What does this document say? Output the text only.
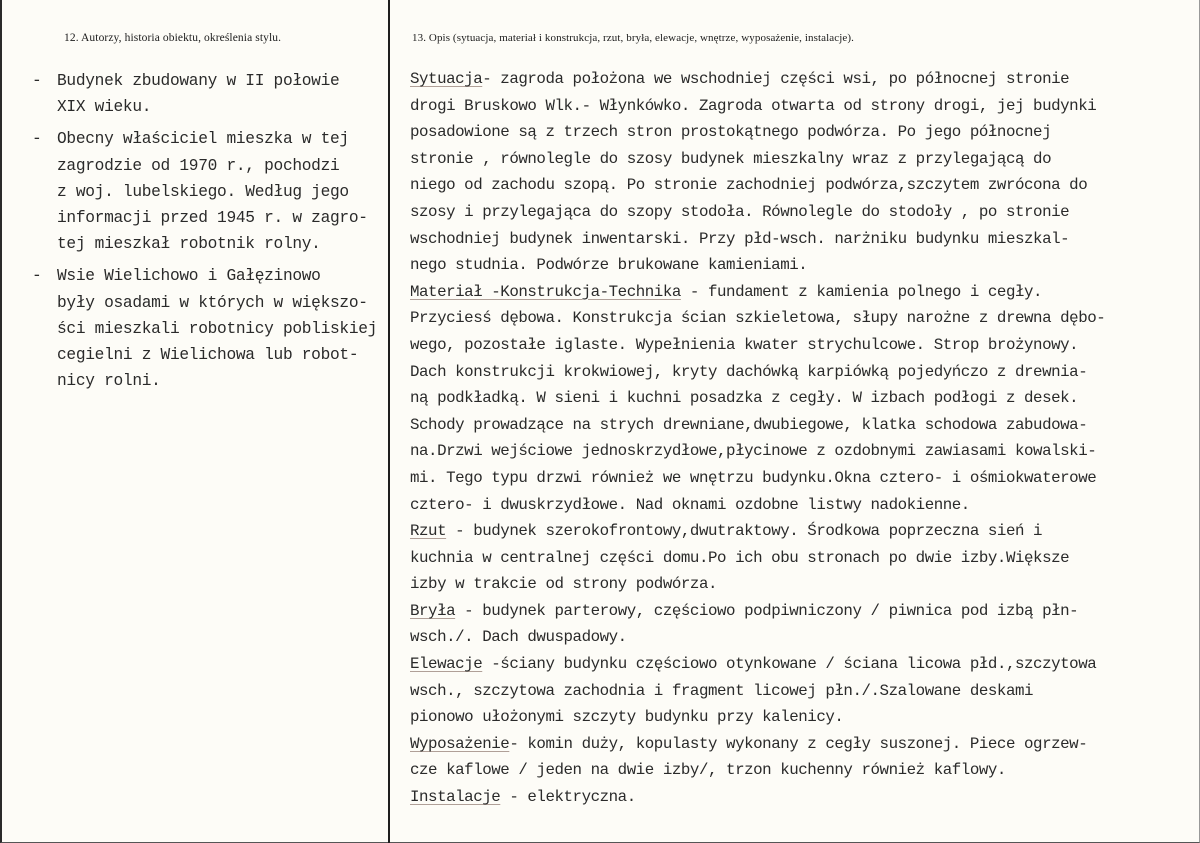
12. Autorzy, historia obiektu, określenia stylu.	13. Opis (sytuacja, materiał i konstrukcja, rzut, bryła, elewacje, wnętrze, wyposażenie, instalacje).
- Budynek zbudowany w II połowie
XIX wieku.
- Obecny właściciel mieszka w tej
zagrodzie od 1970 r., pochodzi
z woj. lubelskiego. Według jego
informacji przed 1945 r. w zagro-
tej mieszkał robotnik rolny.
- Wsie Wielichowo i Gałęzinowo
były osadami w których w większo-
ści mieszkali robotnicy pobliskiej
cegielni z Wielichowa lub robot-
nicy rolni.
Sytuacja- zagroda położona we wschodniej części wsi, po północnej stronie
drogi Bruskowo Wlk.- Włynkówko. Zagroda otwarta od strony drogi, jej budynki
posadowione są z trzech stron prostokątnego podwórza. Po jego północnej
stronie , równolegle do szosy budynek mieszkalny wraz z przylegającą do
niego od zachodu szopą. Po stronie zachodniej podwórza,szczytem zwrócona do
szosy i przylegająca do szopy stodoła. Równolegle do stodoły , po stronie
wschodniej budynek inwentarski. Przy płd-wsch. narżniku budynku mieszkal-
nego studnia. Podwórze brukowane kamieniami.
Materiał -Konstrukcja-Technika - fundament z kamienia polnego i cegły.
Przyciesś dębowa. Konstrukcja ścian szkieletowa, słupy narożne z drewna dębo-
wego, pozostałe iglaste. Wypełnienia kwater strychulcowe. Strop brożynowy.
Dach konstrukcji krokwiowej, kryty dachówką karpiówką pojedyńczo z drewnia-
ną podkładką. W sieni i kuchni posadzka z cegły. W izbach podłogi z desek.
Schody prowadzące na strych drewniane,dwubiegowe, klatka schodowa zabudowa-
na.Drzwi wejściowe jednoskrzydłowe,płycinowe z ozdobnymi zawiasami kowalski-
mi. Tego typu drzwi również we wnętrzu budynku.Okna cztero- i ośmiokwaterowe
cztero- i dwuskrzydłowe. Nad oknami ozdobne listwy nadokienne.
Rzut - budynek szerokofrontowy,dwutraktowy. Środkowa poprzeczna sień i
kuchnia w centralnej części domu.Po ich obu stronach po dwie izby.Większe
izby w trakcie od strony podwórza.
Bryła - budynek parterowy, częściowo podpiwniczony / piwnica pod izbą płn-
wsch./. Dach dwuspadowy.
Elewacje -ściany budynku częściowo otynkowane / ściana licowa płd.,szczytowa
wsch., szczytowa zachodnia i fragment licowej płn./.Szalowane deskami
pionowo ułożonymi szczyty budynku przy kalenicy.
Wyposażenie- komin duży, kopulasty wykonany z cegły suszonej. Piece ogrzew-
cze kaflowe / jeden na dwie izby/, trzon kuchenny również kaflowy.
Instalacje - elektryczna.
